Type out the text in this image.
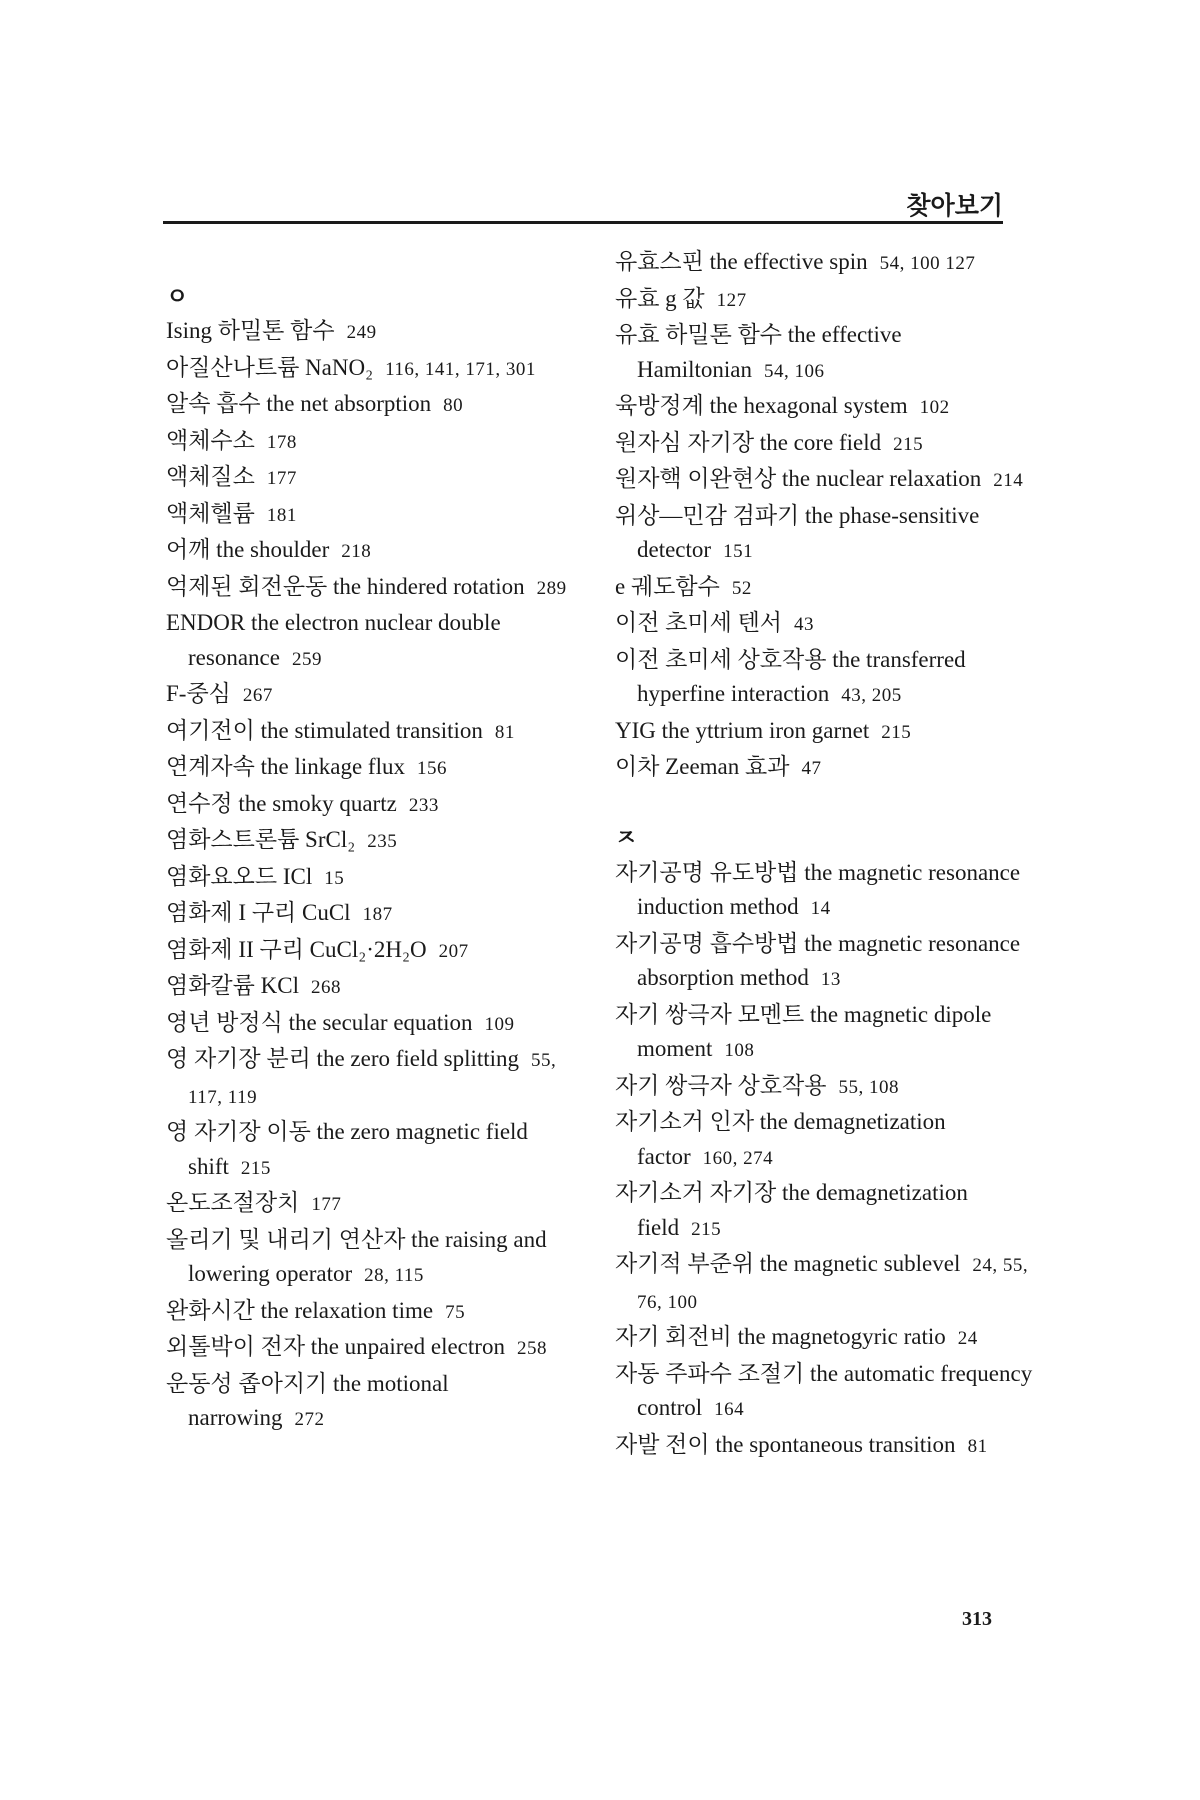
찾아보기
ㅇ
Ising 하밀톤 함수 249
아질산나트륨 NaNO₂ 116, 141, 171, 301
알속 흡수 the net absorption 80
액체수소 178
액체질소 177
액체헬륨 181
어깨 the shoulder 218
억제된 회전운동 the hindered rotation 289
ENDOR the electron nuclear double resonance 259
F-중심 267
여기전이 the stimulated transition 81
연계자속 the linkage flux 156
연수정 the smoky quartz 233
염화스트론튬 SrCl₂ 235
염화요오드 ICl 15
염화제 I 구리 CuCl 187
염화제 II 구리 CuCl₂·2H₂O 207
염화칼륨 KCl 268
영년 방정식 the secular equation 109
영 자기장 분리 the zero field splitting 55, 117, 119
영 자기장 이동 the zero magnetic field shift 215
온도조절장치 177
올리기 및 내리기 연산자 the raising and lowering operator 28, 115
완화시간 the relaxation time 75
외톨박이 전자 the unpaired electron 258
운동성 좁아지기 the motional narrowing 272
유효스핀 the effective spin 54, 100 127
유효 g 값 127
유효 하밀톤 함수 the effective Hamiltonian 54, 106
육방정계 the hexagonal system 102
원자심 자기장 the core field 215
원자핵 이완현상 the nuclear relaxation 214
위상—민감 검파기 the phase-sensitive detector 151
e 궤도함수 52
이전 초미세 텐서 43
이전 초미세 상호작용 the transferred hyperfine interaction 43, 205
YIG the yttrium iron garnet 215
이차 Zeeman 효과 47
ㅈ
자기공명 유도방법 the magnetic resonance induction method 14
자기공명 흡수방법 the magnetic resonance absorption method 13
자기 쌍극자 모멘트 the magnetic dipole moment 108
자기 쌍극자 상호작용 55, 108
자기소거 인자 the demagnetization factor 160, 274
자기소거 자기장 the demagnetization field 215
자기적 부준위 the magnetic sublevel 24, 55, 76, 100
자기 회전비 the magnetogyric ratio 24
자동 주파수 조절기 the automatic frequency control 164
자발 전이 the spontaneous transition 81
313
